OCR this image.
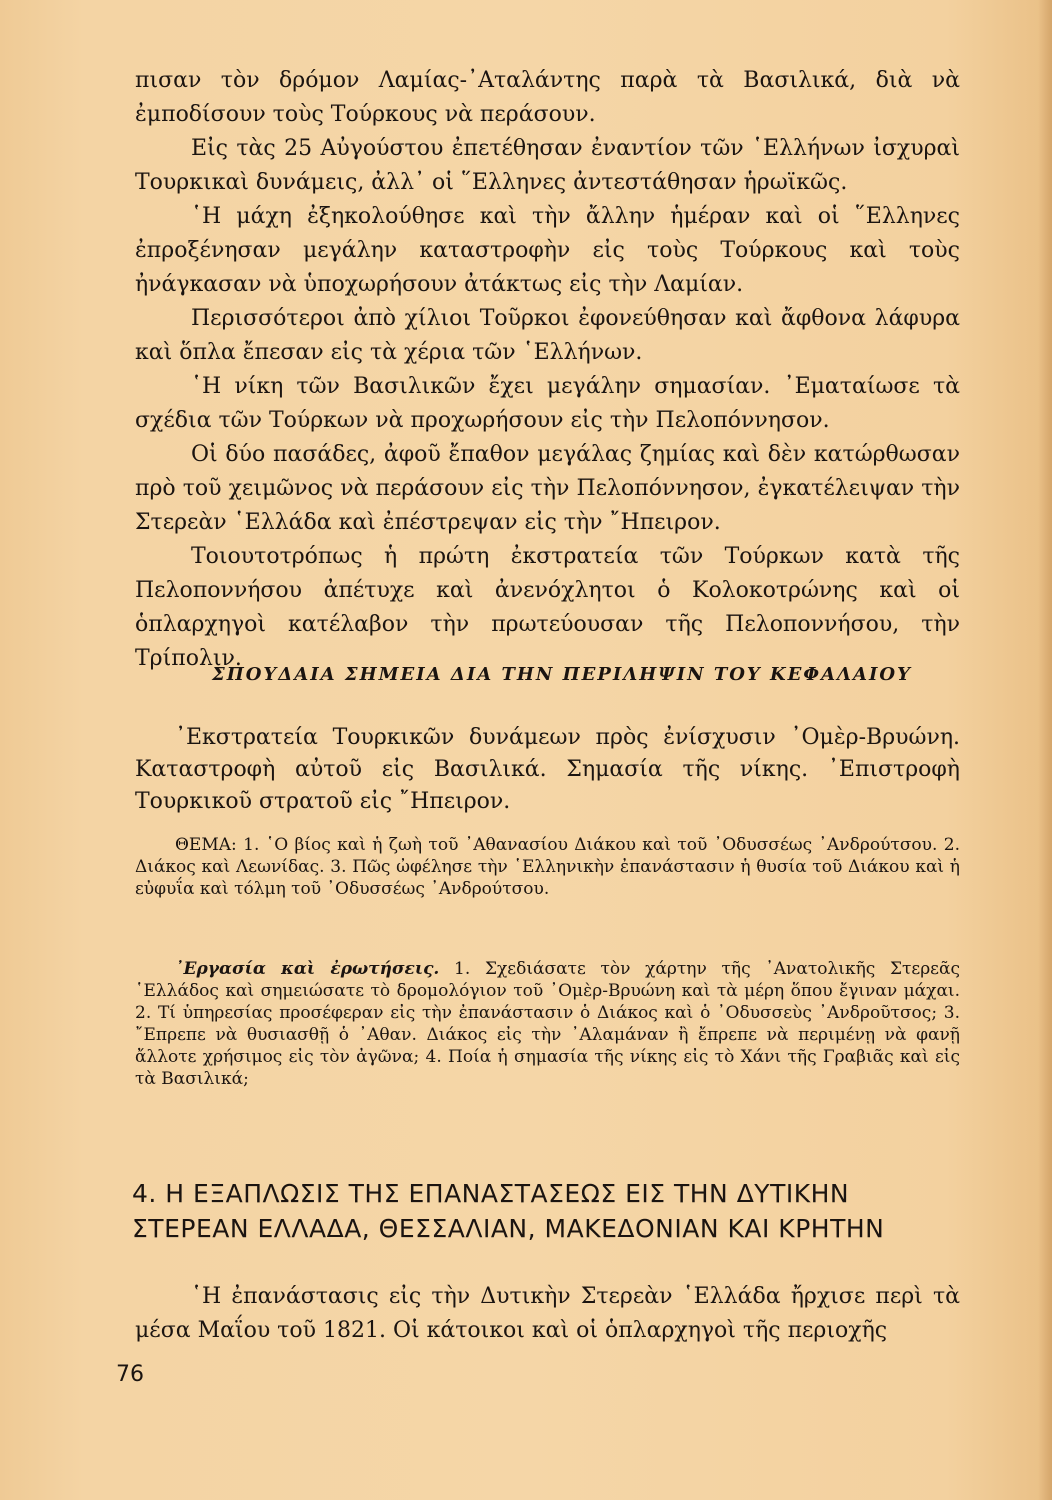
πισαν τὸν δρόμον Λαμίας-᾿Αταλάντης παρὰ τὰ Βασιλικά, διὰ νὰ ἐμποδίσουν τοὺς Τούρκους νὰ περάσουν.

Εἰς τὰς 25 Αὐγούστου ἐπετέθησαν ἐναντίον τῶν ῾Ελλήνων ἰσχυραὶ Τουρκικαὶ δυνάμεις, ἀλλ᾿ οἱ ῞Ελληνες ἀντεστάθησαν ἡρωϊκῶς.

῾Η μάχη ἐξηκολούθησε καὶ τὴν ἄλλην ἡμέραν καὶ οἱ ῞Ελληνες ἐπροξένησαν μεγάλην καταστροφὴν εἰς τοὺς Τούρκους καὶ τοὺς ἠνάγκασαν νὰ ὑποχωρήσουν ἀτάκτως εἰς τὴν Λαμίαν.

Περισσότεροι ἀπὸ χίλιοι Τοῦρκοι ἐφονεύθησαν καὶ ἄφθονα λάφυρα καὶ ὅπλα ἔπεσαν εἰς τὰ χέρια τῶν ῾Ελλήνων.

῾Η νίκη τῶν Βασιλικῶν ἔχει μεγάλην σημασίαν. ᾿Εματαίωσε τὰ σχέδια τῶν Τούρκων νὰ προχωρήσουν εἰς τὴν Πελοπόννησον.

Οἱ δύο πασάδες, ἀφοῦ ἔπαθον μεγάλας ζημίας καὶ δὲν κατώρθωσαν πρὸ τοῦ χειμῶνος νὰ περάσουν εἰς τὴν Πελοπόννησον, ἐγκατέλειψαν τὴν Στερεὰν ῾Ελλάδα καὶ ἐπέστρεψαν εἰς τὴν ῎Ηπειρον.

Τοιουτοτρόπως ἡ πρώτη ἐκστρατεία τῶν Τούρκων κατὰ τῆς Πελοποννήσου ἀπέτυχε καὶ ἀνενόχλητοι ὁ Κολοκοτρώνης καὶ οἱ ὁπλαρχηγοὶ κατέλαβον τὴν πρωτεύουσαν τῆς Πελοποννήσου, τὴν Τρίπολιν.

ΣΠΟΥΔΑΙΑ ΣΗΜΕΙΑ ΔΙΑ ΤΗΝ ΠΕΡΙΛΗΨΙΝ ΤΟΥ ΚΕΦΑΛΑΙΟΥ

᾿Εκστρατεία Τουρκικῶν δυνάμεων πρὸς ἐνίσχυσιν ᾿Ομὲρ-Βρυώνη. Καταστροφὴ αὐτοῦ εἰς Βασιλικά. Σημασία τῆς νίκης. ᾿Επιστροφὴ Τουρκικοῦ στρατοῦ εἰς ῎Ηπειρον.

ΘΕΜΑ: 1. ῾Ο βίος καὶ ἡ ζωὴ τοῦ ᾿Αθανασίου Διάκου καὶ τοῦ ᾿Οδυσσέως ᾿Ανδρούτσου. 2. Διάκος καὶ Λεωνίδας. 3. Πῶς ὠφέλησε τὴν ῾Ελληνικὴν ἐπανάστασιν ἡ θυσία τοῦ Διάκου καὶ ἡ εὐφυΐα καὶ τόλμη τοῦ ᾿Οδυσσέως ᾿Ανδρούτσου.

᾿Εργασία καὶ ἐρωτήσεις. 1. Σχεδιάσατε τὸν χάρτην τῆς ᾿Ανατολικῆς Στερεᾶς ῾Ελλάδος καὶ σημειώσατε τὸ δρομολόγιον τοῦ ᾿Ομὲρ-Βρυώνη καὶ τὰ μέρη ὅπου ἔγιναν μάχαι. 2. Τί ὑπηρεσίας προσέφεραν εἰς τὴν ἐπανάστασιν ὁ Διάκος καὶ ὁ ᾿Οδυσσεὺς ᾿Ανδροῦτσος; 3. ῎Επρεπε νὰ θυσιασθῇ ὁ ᾿Αθαν. Διάκος εἰς τὴν ᾿Αλαμάναν ἢ ἔπρεπε νὰ περιμένῃ νὰ φανῇ ἄλλοτε χρήσιμος εἰς τὸν ἀγῶνα; 4. Ποία ἡ σημασία τῆς νίκης εἰς τὸ Χάνι τῆς Γραβιᾶς καὶ εἰς τὰ Βασιλικά;

4. Η ΕΞΑΠΛΩΣΙΣ ΤΗΣ ΕΠΑΝΑΣΤΑΣΕΩΣ ΕΙΣ ΤΗΝ ΔΥΤΙΚΗΝ
ΣΤΕΡΕΑΝ ΕΛΛΑΔΑ, ΘΕΣΣΑΛΙΑΝ, ΜΑΚΕΔΟΝΙΑΝ ΚΑΙ ΚΡΗΤΗΝ

῾Η ἐπανάστασις εἰς τὴν Δυτικὴν Στερεὰν ῾Ελλάδα ἤρχισε περὶ τὰ μέσα Μαΐου τοῦ 1821. Οἱ κάτοικοι καὶ οἱ ὁπλαρχηγοὶ τῆς περιοχῆς

76
